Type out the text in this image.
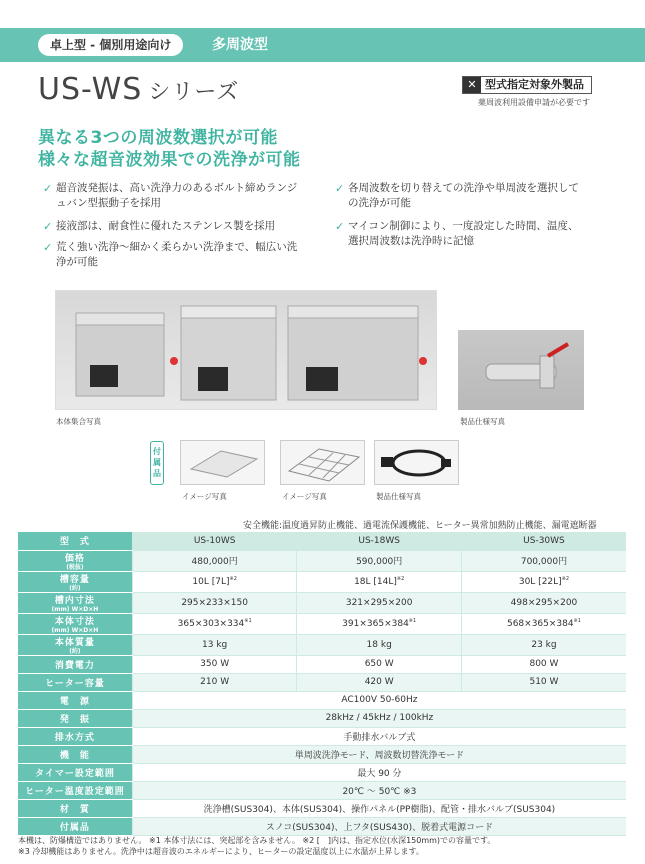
卓上型 - 個別用途向け	多周波型
US-WS シリーズ	✕ 型式指定対象外製品
薬周波利用設備申請が必要です
異なる3つの周波数選択が可能
様々な超音波効果での洗浄が可能
✓ 超音波発振は、高い洗浄力のあるボルト締めランジュバン型振動子を採用
✓ 接液部は、耐食性に優れたステンレス製を採用
✓ 荒く強い洗浄～細かく柔らかい洗浄まで、幅広い洗浄が可能
✓ 各周波数を切り替えての洗浄や単周波を選択しての洗浄が可能
✓ マイコン制御により、一度設定した時間、温度、選択周波数は洗浄時に記憶
本体集合写真	製品仕様写真
付属品
イメージ写真	イメージ写真	製品仕様写真
安全機能:温度過昇防止機能、過電流保護機能、ヒーター異常加熱防止機能、漏電遮断器
型　式	US-10WS	US-18WS	US-30WS
価格
(税抜)	480,000円	590,000円	700,000円
槽容量
(約)	10L $[7L]^{※2}$	18L $[14L]^{※2}$	30L $[22L]^{※2}$
槽内寸法
(mm) W×D×H	295×233×150	321×295×200	498×295×200
本体寸法
(mm) W×D×H	$365\times 303\times 334^{※1}$	$391\times 365\times 384^{※1}$	$568\times 365\times 384^{※1}$
本体質量
(約)	13 kg	18 kg	23 kg
消費電力	350 W	650 W	800 W
ヒーター容量	210 W	420 W	510 W
電　源	AC100V 50-60Hz		
発　振	28kHz / 45kHz / 100kHz		
排水方式	手動排水バルブ式		
機　能	単周波洗浄モード、周波数切替洗浄モード		
タイマー設定範囲	最大 90 分		
ヒーター温度設定範囲	20℃ ～ 50℃ ※3		
材　質	洗浄槽(SUS304)、本体(SUS304)、操作パネル(PP樹脂)、配管・排水バルブ(SUS304)		
付属品	スノコ(SUS304)、上フタ(SUS430)、脱着式電源コード		
本機は、防爆構造ではありません。 ※1 本体寸法には、突起部を含みません。 ※2 [　]内は、指定水位(水深150mm)での容量です。
※3 冷却機能はありません。洗浄中は超音波のエネルギーにより、ヒーターの設定温度以上に水温が上昇します。
